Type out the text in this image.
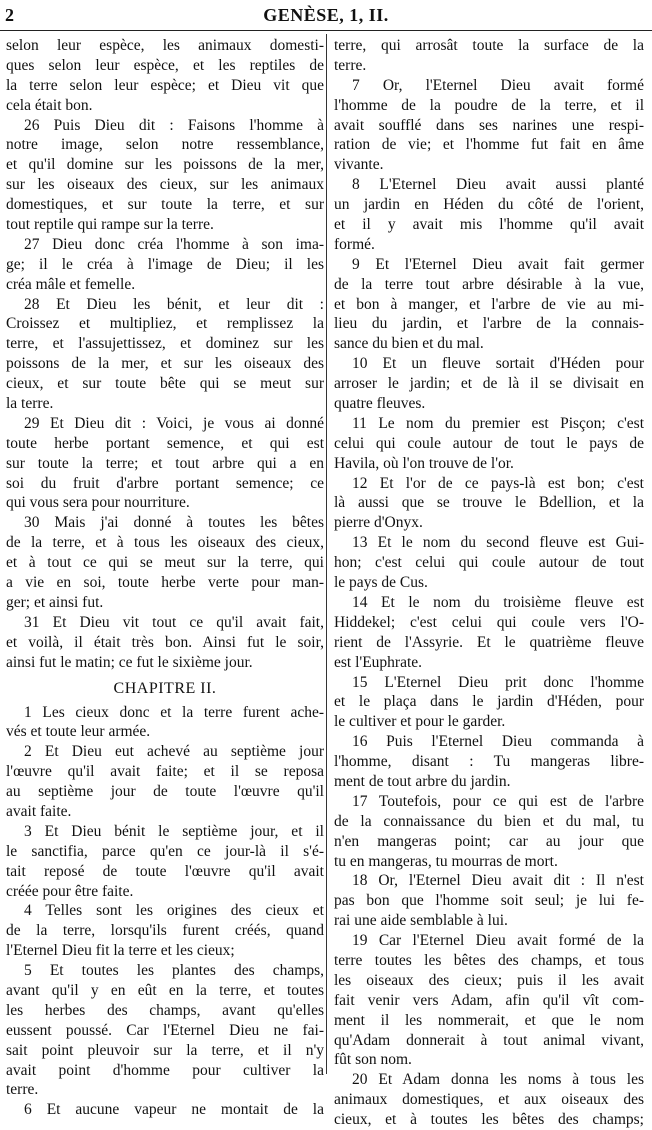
2	GENÈSE, 1, II.
selon leur espèce, les animaux domesti-
ques selon leur espèce, et les reptiles de
la terre selon leur espèce; et Dieu vit que
cela était bon.
26 Puis Dieu dit : Faisons l'homme à
notre image, selon notre ressemblance,
et qu'il domine sur les poissons de la mer,
sur les oiseaux des cieux, sur les animaux
domestiques, et sur toute la terre, et sur
tout reptile qui rampe sur la terre.
27 Dieu donc créa l'homme à son ima-
ge; il le créa à l'image de Dieu; il les
créa mâle et femelle.
28 Et Dieu les bénit, et leur dit :
Croissez et multipliez, et remplissez la
terre, et l'assujettissez, et dominez sur les
poissons de la mer, et sur les oiseaux des
cieux, et sur toute bête qui se meut sur
la terre.
29 Et Dieu dit : Voici, je vous ai donné
toute herbe portant semence, et qui est
sur toute la terre; et tout arbre qui a en
soi du fruit d'arbre portant semence; ce
qui vous sera pour nourriture.
30 Mais j'ai donné à toutes les bêtes
de la terre, et à tous les oiseaux des cieux,
et à tout ce qui se meut sur la terre, qui
a vie en soi, toute herbe verte pour man-
ger; et ainsi fut.
31 Et Dieu vit tout ce qu'il avait fait,
et voilà, il était très bon. Ainsi fut le soir,
ainsi fut le matin; ce fut le sixième jour.
CHAPITRE II.
1 Les cieux donc et la terre furent ache-
vés et toute leur armée.
2 Et Dieu eut achevé au septième jour
l'œuvre qu'il avait faite; et il se reposa
au septième jour de toute l'œuvre qu'il
avait faite.
3 Et Dieu bénit le septième jour, et il
le sanctifia, parce qu'en ce jour-là il s'é-
tait reposé de toute l'œuvre qu'il avait
créée pour être faite.
4 Telles sont les origines des cieux et
de la terre, lorsqu'ils furent créés, quand
l'Eternel Dieu fit la terre et les cieux;
5 Et toutes les plantes des champs,
avant qu'il y en eût en la terre, et toutes
les herbes des champs, avant qu'elles
eussent poussé. Car l'Eternel Dieu ne fai-
sait point pleuvoir sur la terre, et il n'y
avait point d'homme pour cultiver la
terre.
6 Et aucune vapeur ne montait de la
terre, qui arrosât toute la surface de la
terre.
7 Or, l'Eternel Dieu avait formé
l'homme de la poudre de la terre, et il
avait soufflé dans ses narines une respi-
ration de vie; et l'homme fut fait en âme
vivante.
8 L'Eternel Dieu avait aussi planté
un jardin en Héden du côté de l'orient,
et il y avait mis l'homme qu'il avait
formé.
9 Et l'Eternel Dieu avait fait germer
de la terre tout arbre désirable à la vue,
et bon à manger, et l'arbre de vie au mi-
lieu du jardin, et l'arbre de la connais-
sance du bien et du mal.
10 Et un fleuve sortait d'Héden pour
arroser le jardin; et de là il se divisait en
quatre fleuves.
11 Le nom du premier est Pisçon; c'est
celui qui coule autour de tout le pays de
Havila, où l'on trouve de l'or.
12 Et l'or de ce pays-là est bon; c'est
là aussi que se trouve le Bdellion, et la
pierre d'Onyx.
13 Et le nom du second fleuve est Gui-
hon; c'est celui qui coule autour de tout
le pays de Cus.
14 Et le nom du troisième fleuve est
Hiddekel; c'est celui qui coule vers l'O-
rient de l'Assyrie. Et le quatrième fleuve
est l'Euphrate.
15 L'Eternel Dieu prit donc l'homme
et le plaça dans le jardin d'Héden, pour
le cultiver et pour le garder.
16 Puis l'Eternel Dieu commanda à
l'homme, disant : Tu mangeras libre-
ment de tout arbre du jardin.
17 Toutefois, pour ce qui est de l'arbre
de la connaissance du bien et du mal, tu
n'en mangeras point; car au jour que
tu en mangeras, tu mourras de mort.
18 Or, l'Eternel Dieu avait dit : Il n'est
pas bon que l'homme soit seul; je lui fe-
rai une aide semblable à lui.
19 Car l'Eternel Dieu avait formé de la
terre toutes les bêtes des champs, et tous
les oiseaux des cieux; puis il les avait
fait venir vers Adam, afin qu'il vît com-
ment il les nommerait, et que le nom
qu'Adam donnerait à tout animal vivant,
fût son nom.
20 Et Adam donna les noms à tous les
animaux domestiques, et aux oiseaux des
cieux, et à toutes les bêtes des champs;
